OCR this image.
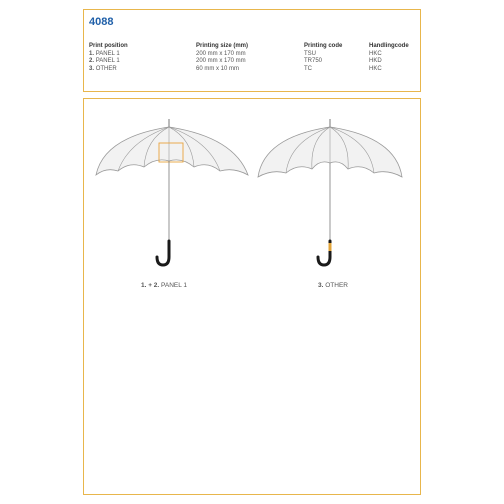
4088
Print position
1. PANEL 1
2. PANEL 1
3. OTHER
Printing size (mm)
200 mm x 170 mm
200 mm x 170 mm
60 mm x 10 mm
Printing code
TSU
TR750
TC
Handlingcode
HKC
HKD
HKC
1. + 2. PANEL 1	3. OTHER
